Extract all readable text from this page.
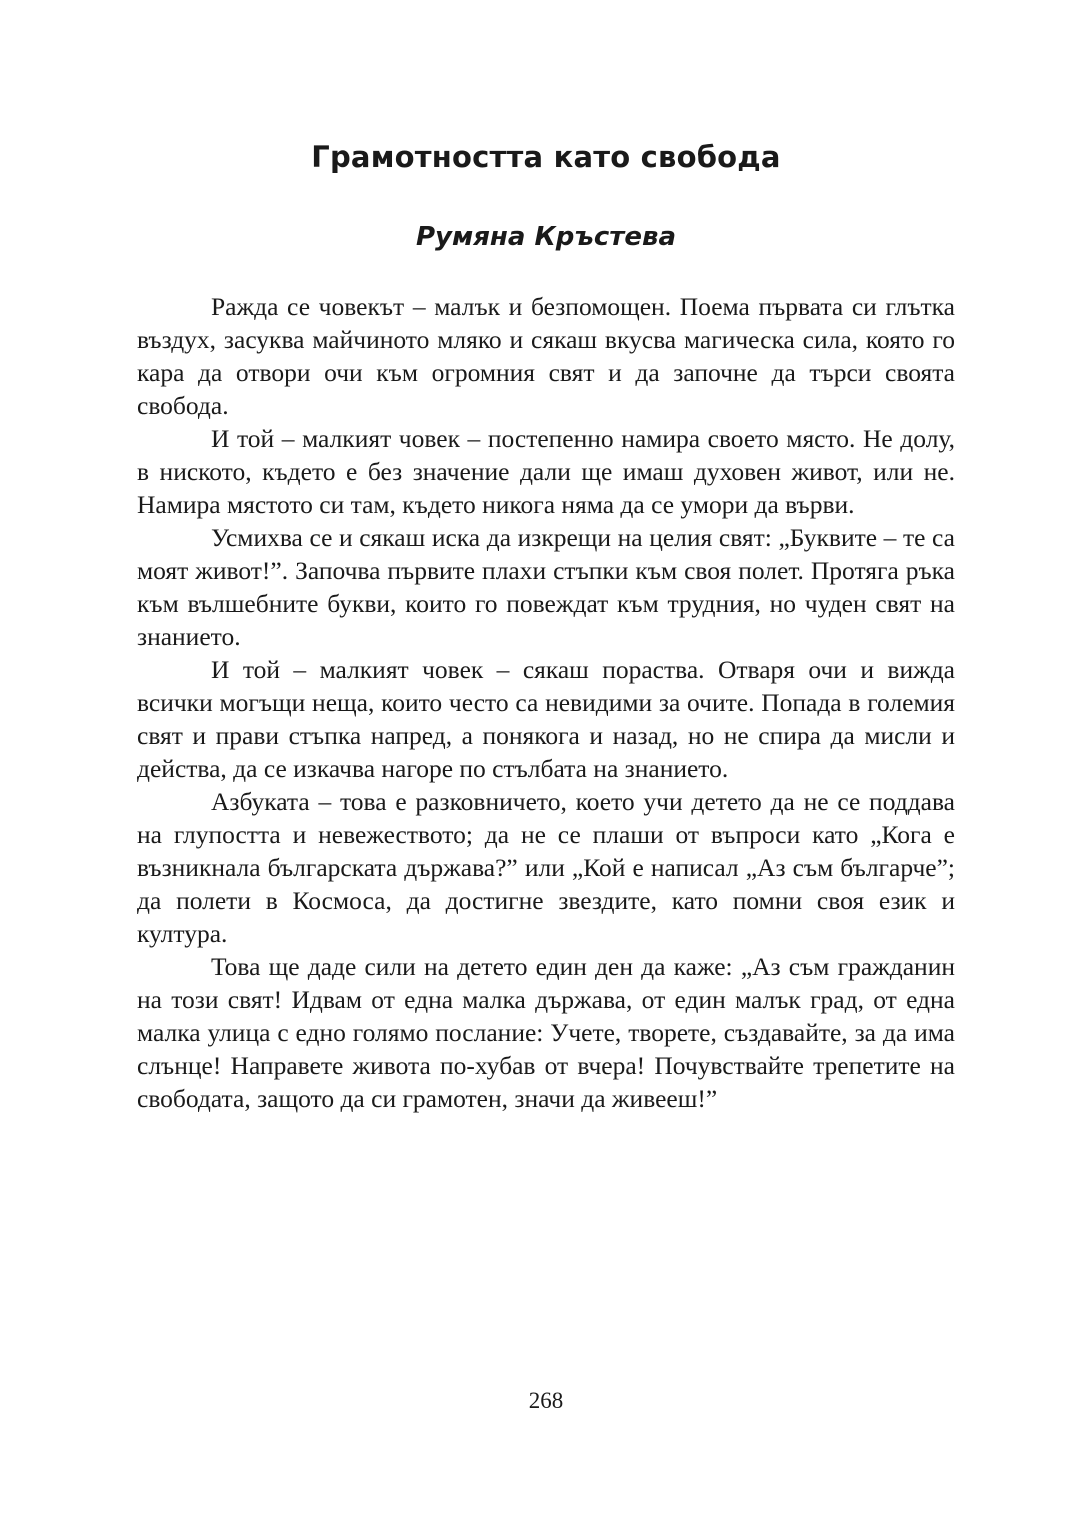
Грамотността като свобода
Румяна Кръстева

Ражда се човекът – малък и безпомощен. Поема първата си глътка въздух, засуква майчиното мляко и сякаш вкусва магическа сила, която го кара да отвори очи към огромния свят и да започне да търси своята свобода.

И той – малкият човек – постепенно намира своето място. Не долу, в ниското, където е без значение дали ще имаш духовен живот, или не. Намира мястото си там, където никога няма да се умори да върви.

Усмихва се и сякаш иска да изкрещи на целия свят: „Буквите – те са моят живот!”. Започва първите плахи стъпки към своя полет. Протяга ръка към вълшебните букви, които го повеждат към трудния, но чуден свят на знанието.

И той – малкият човек – сякаш пораства. Отваря очи и вижда всички могъщи неща, които често са невидими за очите. Попада в големия свят и прави стъпка напред, а понякога и назад, но не спира да мисли и действа, да се изкачва нагоре по стълбата на знанието.

Азбуката – това е разковничето, което учи детето да не се поддава на глупостта и невежеството; да не се плаши от въпроси като „Кога е възникнала българската държава?” или „Кой е написал „Аз съм българче”; да полети в Космоса, да достигне звездите, като помни своя език и култура.

Това ще даде сили на детето един ден да каже: „Аз съм гражданин на този свят! Идвам от една малка държава, от един малък град, от една малка улица с едно голямо послание: Учете, творете, създавайте, за да има слънце! Направете живота по-хубав от вчера! Почувствайте трепетите на свободата, защото да си грамотен, значи да живееш!”

268
